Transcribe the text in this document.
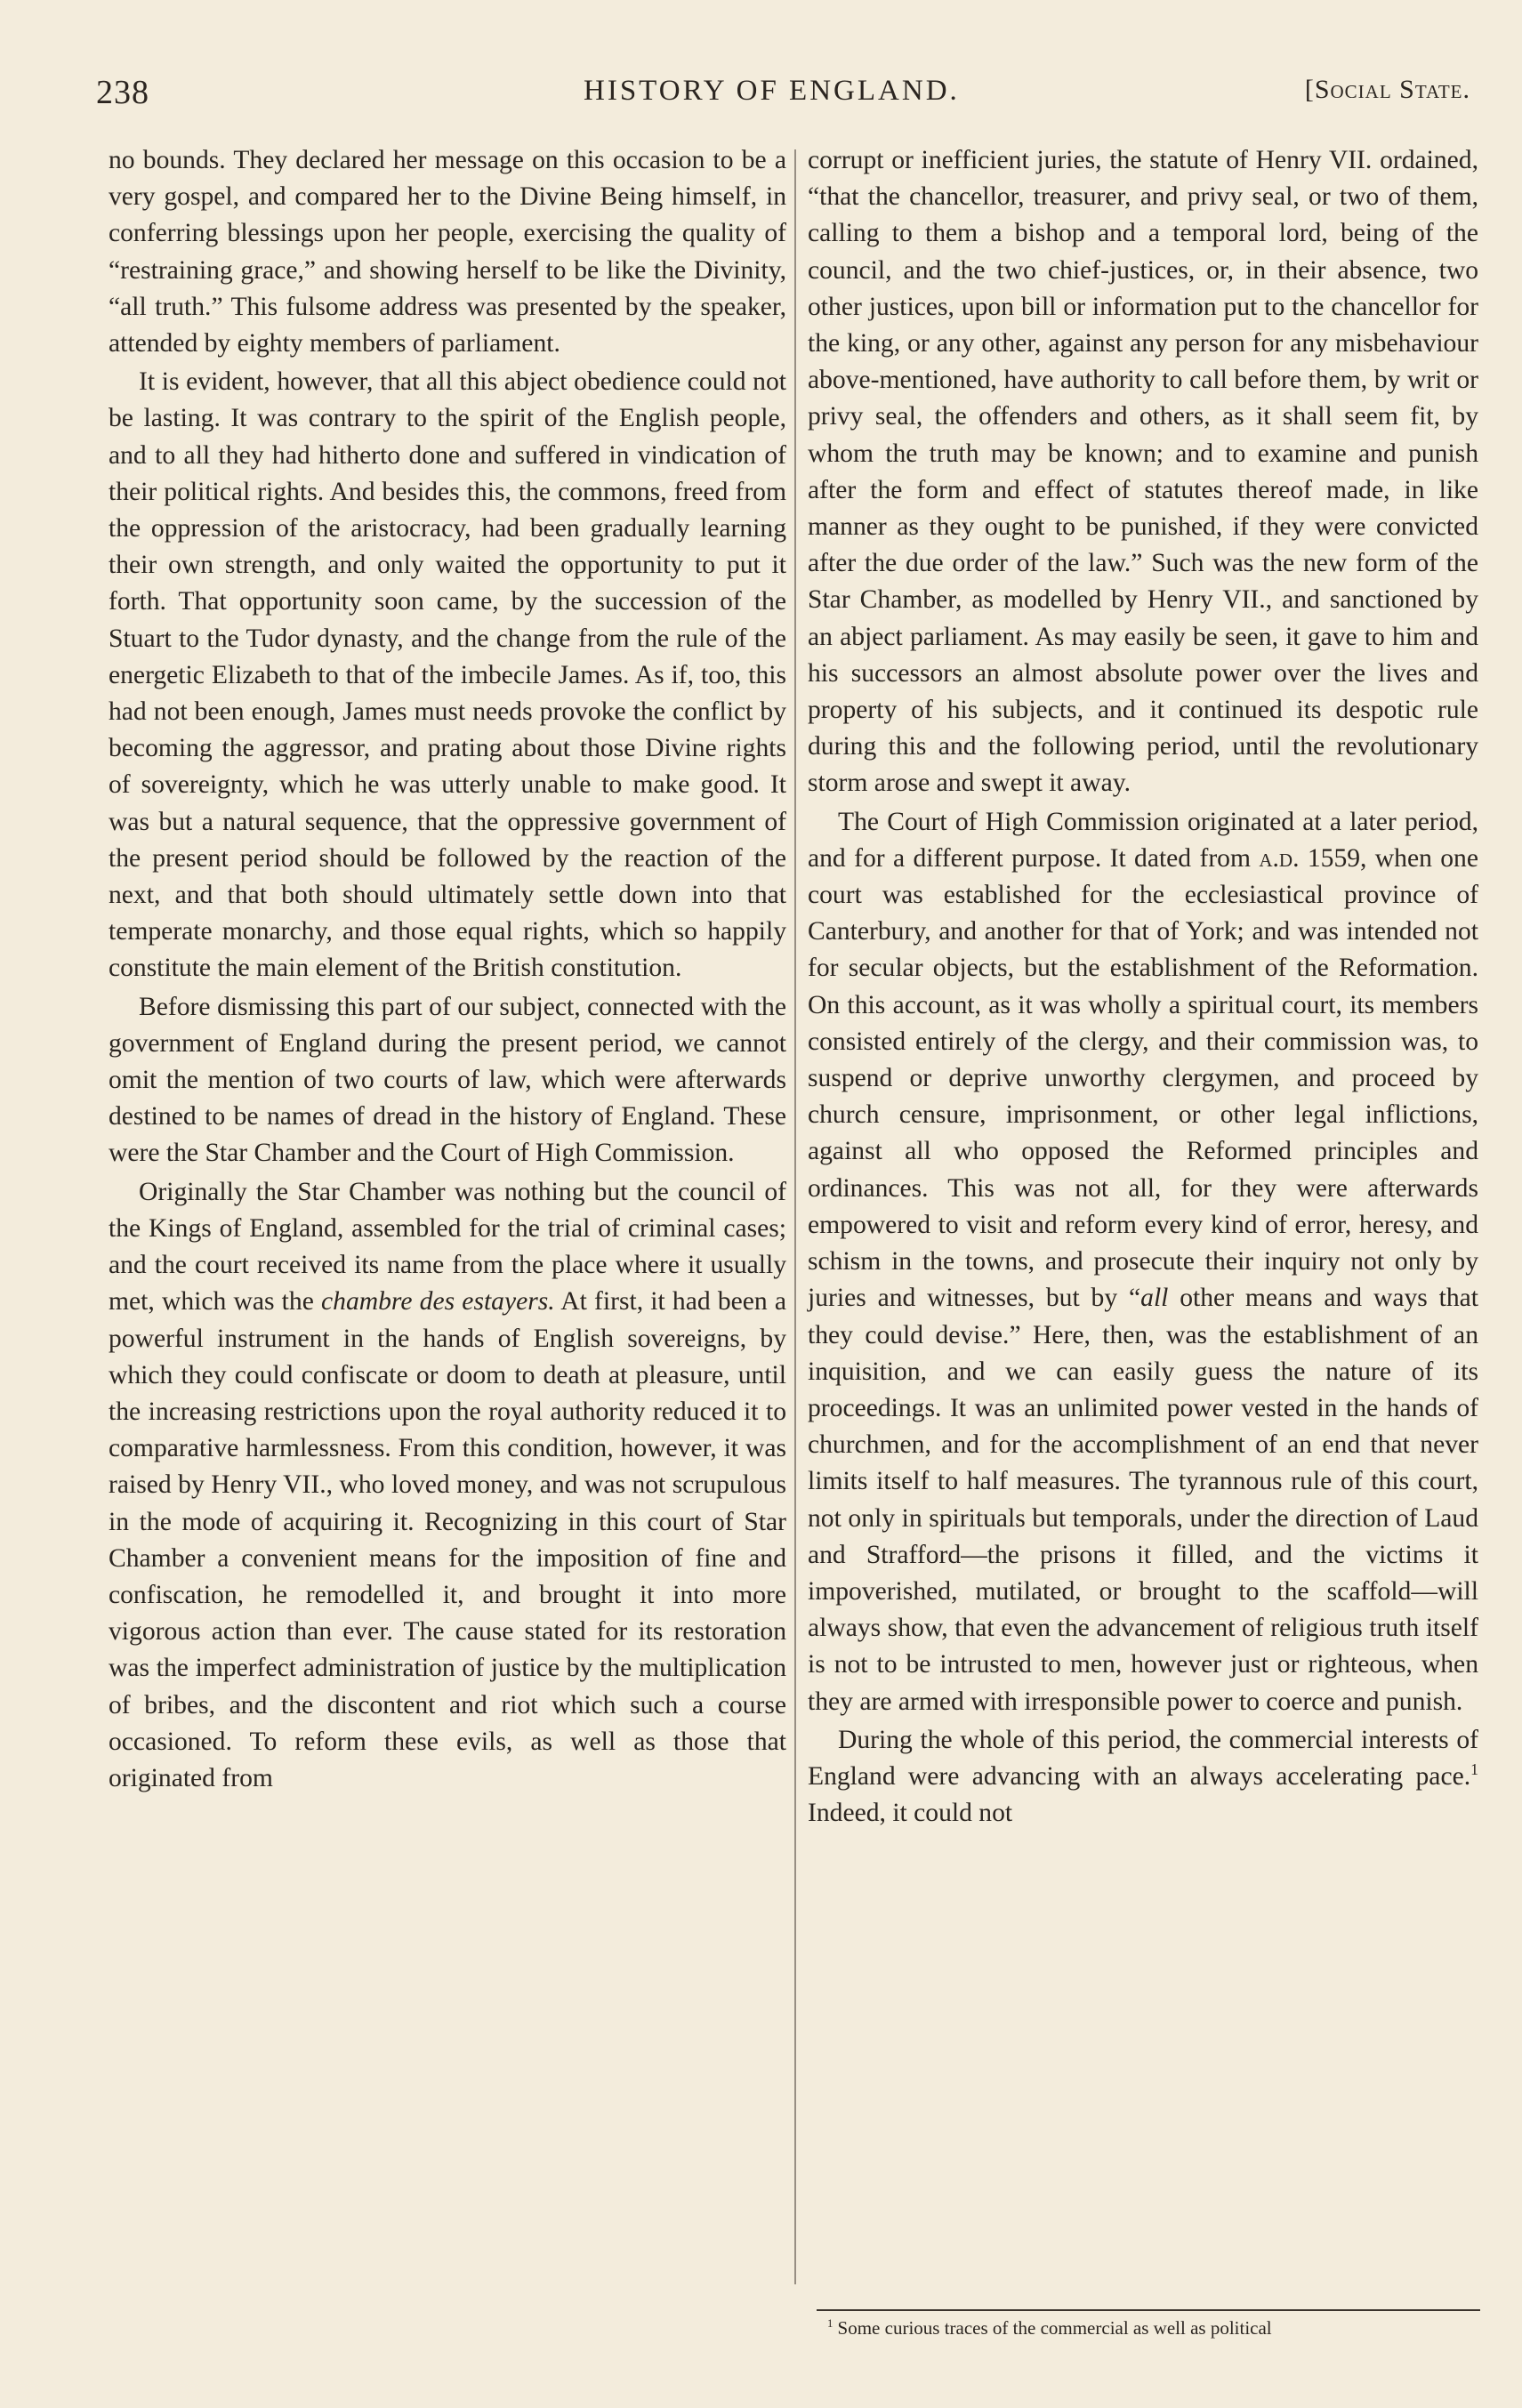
238	HISTORY OF ENGLAND.	[Social State.

no bounds. They declared her message on this occasion to be a very gospel, and compared her to the Divine Being himself, in conferring blessings upon her people, exercising the quality of “restraining grace,” and showing herself to be like the Divinity, “all truth.” This fulsome address was presented by the speaker, attended by eighty members of parliament.

It is evident, however, that all this abject obedience could not be lasting. It was contrary to the spirit of the English people, and to all they had hitherto done and suffered in vindication of their political rights. And besides this, the commons, freed from the oppression of the aristocracy, had been gradually learning their own strength, and only waited the opportunity to put it forth. That opportunity soon came, by the succession of the Stuart to the Tudor dynasty, and the change from the rule of the energetic Elizabeth to that of the imbecile James. As if, too, this had not been enough, James must needs provoke the conflict by becoming the aggressor, and prating about those Divine rights of sovereignty, which he was utterly unable to make good. It was but a natural sequence, that the oppressive government of the present period should be followed by the reaction of the next, and that both should ultimately settle down into that temperate monarchy, and those equal rights, which so happily constitute the main element of the British constitution.

Before dismissing this part of our subject, connected with the government of England during the present period, we cannot omit the mention of two courts of law, which were afterwards destined to be names of dread in the history of England. These were the Star Chamber and the Court of High Commission.

Originally the Star Chamber was nothing but the council of the Kings of England, assembled for the trial of criminal cases; and the court received its name from the place where it usually met, which was the chambre des estayers. At first, it had been a powerful instrument in the hands of English sovereigns, by which they could confiscate or doom to death at pleasure, until the increasing restrictions upon the royal authority reduced it to comparative harmlessness. From this condition, however, it was raised by Henry VII., who loved money, and was not scrupulous in the mode of acquiring it. Recognizing in this court of Star Chamber a convenient means for the imposition of fine and confiscation, he remodelled it, and brought it into more vigorous action than ever. The cause stated for its restoration was the imperfect administration of justice by the multiplication of bribes, and the discontent and riot which such a course occasioned. To reform these evils, as well as those that originated from

corrupt or inefficient juries, the statute of Henry VII. ordained, “that the chancellor, treasurer, and privy seal, or two of them, calling to them a bishop and a temporal lord, being of the council, and the two chief-justices, or, in their absence, two other justices, upon bill or information put to the chancellor for the king, or any other, against any person for any misbehaviour above-mentioned, have authority to call before them, by writ or privy seal, the offenders and others, as it shall seem fit, by whom the truth may be known; and to examine and punish after the form and effect of statutes thereof made, in like manner as they ought to be punished, if they were convicted after the due order of the law.” Such was the new form of the Star Chamber, as modelled by Henry VII., and sanctioned by an abject parliament. As may easily be seen, it gave to him and his successors an almost absolute power over the lives and property of his subjects, and it continued its despotic rule during this and the following period, until the revolutionary storm arose and swept it away.

The Court of High Commission originated at a later period, and for a different purpose. It dated from a.d. 1559, when one court was established for the ecclesiastical province of Canterbury, and another for that of York; and was intended not for secular objects, but the establishment of the Reformation. On this account, as it was wholly a spiritual court, its members consisted entirely of the clergy, and their commission was, to suspend or deprive unworthy clergymen, and proceed by church censure, imprisonment, or other legal inflictions, against all who opposed the Reformed principles and ordinances. This was not all, for they were afterwards empowered to visit and reform every kind of error, heresy, and schism in the towns, and prosecute their inquiry not only by juries and witnesses, but by “all other means and ways that they could devise.” Here, then, was the establishment of an inquisition, and we can easily guess the nature of its proceedings. It was an unlimited power vested in the hands of churchmen, and for the accomplishment of an end that never limits itself to half measures. The tyrannous rule of this court, not only in spirituals but temporals, under the direction of Laud and Strafford—the prisons it filled, and the victims it impoverished, mutilated, or brought to the scaffold—will always show, that even the advancement of religious truth itself is not to be intrusted to men, however just or righteous, when they are armed with irresponsible power to coerce and punish.

During the whole of this period, the commercial interests of England were advancing with an always accelerating pace.$^1$ Indeed, it could not

$^1$ Some curious traces of the commercial as well as political
